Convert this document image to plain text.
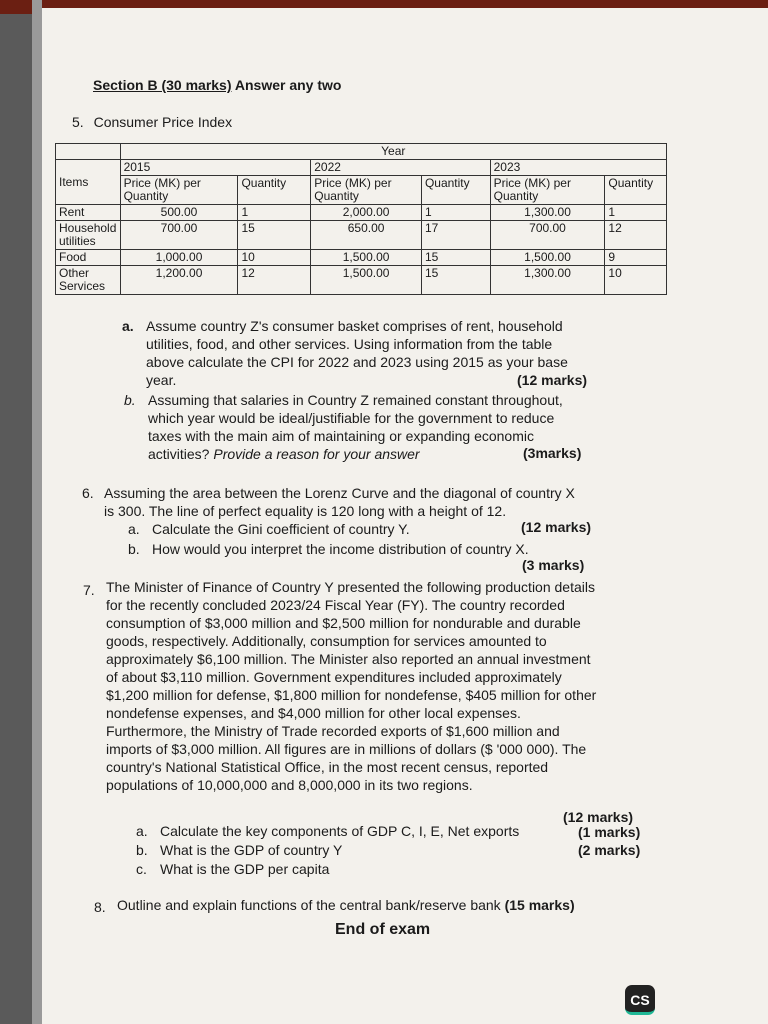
Section B (30 marks) Answer any two
5. Consumer Price Index
	Year					
Items	2015		2022		2023	
	Price (MK) per Quantity	Quantity	Price (MK) per Quantity	Quantity	Price (MK) per Quantity	Quantity
Rent	500.00	1	2,000.00	1	1,300.00	1
Household utilities	700.00	15	650.00	17	700.00	12
Food	1,000.00	10	1,500.00	15	1,500.00	9
Other Services	1,200.00	12	1,500.00	15	1,300.00	10
a. Assume country Z's consumer basket comprises of rent, household
utilities, food, and other services. Using information from the table
above calculate the CPI for 2022 and 2023 using 2015 as your base
year.	(12 marks)
b. Assuming that salaries in Country Z remained constant throughout,
which year would be ideal/justifiable for the government to reduce
taxes with the main aim of maintaining or expanding economic
activities? Provide a reason for your answer	(3marks)
6. Assuming the area between the Lorenz Curve and the diagonal of country X
is 300. The line of perfect equality is 120 long with a height of 12.
a. Calculate the Gini coefficient of country Y.	(12 marks)
b. How would you interpret the income distribution of country X.
(3 marks)
7. The Minister of Finance of Country Y presented the following production details
for the recently concluded 2023/24 Fiscal Year (FY). The country recorded
consumption of $3,000 million and $2,500 million for nondurable and durable
goods, respectively. Additionally, consumption for services amounted to
approximately $6,100 million. The Minister also reported an annual investment
of about $3,110 million. Government expenditures included approximately
$1,200 million for defense, $1,800 million for nondefense, $405 million for other
nondefense expenses, and $4,000 million for other local expenses.
Furthermore, the Ministry of Trade recorded exports of $1,600 million and
imports of $3,000 million. All figures are in millions of dollars ($ '000 000). The
country's National Statistical Office, in the most recent census, reported
populations of 10,000,000 and 8,000,000 in its two regions.
a. Calculate the key components of GDP C, I, E, Net exports
(12 marks)
b. What is the GDP of country Y
(1 marks)
c. What is the GDP per capita
(2 marks)
8. Outline and explain functions of the central bank/reserve bank (15 marks)
End of exam
CS
